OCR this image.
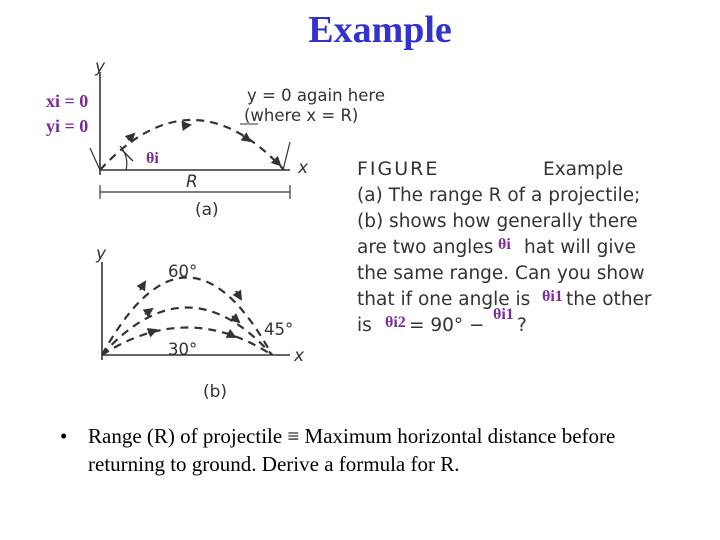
Example
xi = 0
yi = 0
y
x
y = 0 again here
(where x = R)
θi
R
(a)
y
x
60°
45°
30°
(b)
FIGURE	Example
(a) The range R of a projectile;
(b) shows how generally there
are two angles θi hat will give
the same range. Can you show
that if one angle is θi1 the other
is θi2 = 90° −
θi1
?
• Range (R) of projectile ≡ Maximum horizontal distance before returning to ground. Derive a formula for R.
